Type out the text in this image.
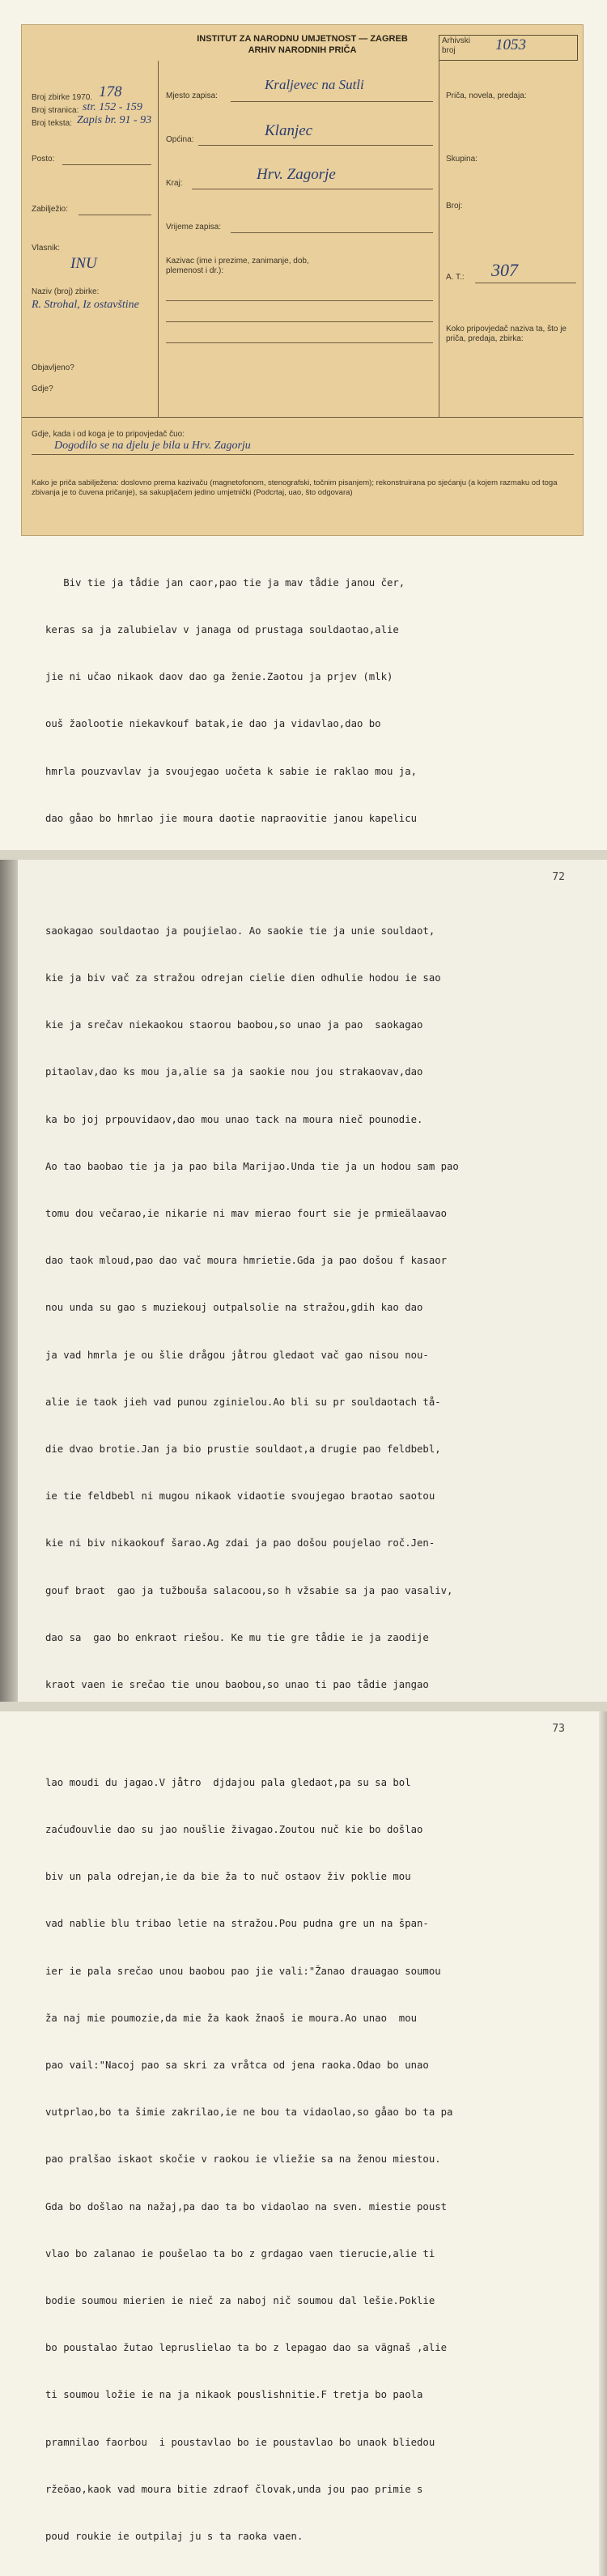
INSTITUT ZA NARODNU UMJETNOST — ZAGREB
ARHIV NARODNIH PRIČA
Arhivski broj	1053
Broj zbirke 1970. 178
Broj stranica: str. 152 - 159
Broj teksta: Zapis br. 91 - 93
Posto:
Zabilježio:
Vlasnik:
INU
Naziv (broj) zbirke:
R. Strohal, Iz ostavštine
Objavljeno?
Gdje?
Mjesto zapisa:
Kraljevec na Sutli
Općina:
Klanjec
Kraj:
Hrv. Zagorje
Vrijeme zapisa:
Kazivac (ime i prezime, zanimanje, dob, plemenost i dr.):
Priča, novela, predaja:
Skupina:
Broj:
A. T.: 307
Koko pripovjedač naziva ta, što je priča, predaja, zbirka:
Gdje, kada i od koga je to pripovjedač čuo:
Dogodilo se na djelu je bila u Hrv. Zagorju
Kako je priča sabilježena: doslovno prema kazivaču (magnetofonom, stenografski, točnim pisanjem); rekonstruirana po sjećanju (a kojem razmaku od toga zbivanja je to čuvena pričanje), sa sakupljačem jedino umjetnički (Podcrtaj, uao, što odgovara)

Biv tie ja tådie jan caor,pao tie ja mav tådie janou čer,

keras sa ja zalubielav v janaga od prustaga souldaotao,alie

jie ni učao nikaok daov dao ga ženie.Zaotou ja prjev (mlk)

ouš žaolootie niekavkouf batak,ie dao ja vidavlao,dao bo

hmrla pouzvavlav ja svoujegao uočeta k sabie ie raklao mou ja,

dao gåao bo hmrlao jie moura daotie napraovitie janou kapelicu

72

saokagao souldaotao ja poujielao. Ao saokie tie ja unie souldaot,

kie ja biv vač za stražou odrejan cielie dien odhulie hodou ie sao

kie ja srečav niekaokou staorou baobou,so unao ja pao  saokagao

pitaolav,dao ks mou ja,alie sa ja saokie nou jou strakaovav,dao

ka bo joj prpouvidaov,dao mou unao tack na moura nieč pounodie.

Ao tao baobao tie ja ja pao bila Marijao.Unda tie ja un hodou sam pao

tomu dou večarao,ie nikarie ni mav mierao fourt sie je prmieälaavao

dao taok mloud,pao dao vač moura hmrietie.Gda ja pao došou f kasaor

nou unda su gao s muziekouj outpalsolie na stražou,gdih kao dao

ja vad hmrla je ou šlie drågou jåtrou gledaot vač gao nisou nou-

alie ie taok jieh vad punou zginielou.Ao bli su pr souldaotach tå-

die dvao brotie.Jan ja bio prustie souldaot,a drugie pao feldbebl,

ie tie feldbebl ni mugou nikaok vidaotie svoujegao braotao saotou

kie ni biv nikaokouf šarao.Ag zdai ja pao došou poujelao roč.Jen-

gouf braot  gao ja tužbouša salacoou,so h vžsabie sa ja pao vasaliv,

dao sa  gao bo enkraot riešou. Ke mu tie gre tådie ie ja zaodije

kraot vaen ie srečao tie unou baobou,so unao ti pao tådie jangao

73

lao moudi du jagao.V jåtro  djdajou pala gledaot,pa su sa bol

zaćuđouvlie dao su jao noušlie živagao.Zoutou nuč kie bo došlao

biv un pala odrejan,ie da bie ža to nuč ostaov živ poklie mou

vad nablie blu tribao letie na stražou.Pou pudna gre un na špan-

ier ie pala srečao unou baobou pao jie vali:"Žanao drauagao soumou

ža naj mie poumozie,da mie ža kaok žnaoš ie moura.Ao unao  mou

pao vail:"Nacoj pao sa skri za vråtca od jena raoka.Odao bo unao

vutprlao,bo ta šimie zakrilao,ie ne bou ta vidaolao,so gåao bo ta pa

pao pralšao iskaot skočie v raokou ie vliežie sa na ženou miestou.

Gda bo došlao na nažaj,pa dao ta bo vidaolao na sven. miestie poust

vlao bo zalanao ie poušelao ta bo z grdagao vaen tierucie,alie ti

bodie soumou mierien ie nieč za naboj nič soumou dal lešie.Poklie

bo poustalao žutao lepruslielao ta bo z lepagao dao sa vägnaš ,alie

ti soumou ložie ie na ja nikaok pouslishnitie.F tretja bo paola

pramnilao faorbou  i poustavlao bo ie poustavlao bo unaok bliedou

ržeöao,kaok vad moura bitie zdraof človak,unda jou pao primie s

poud roukie ie outpilaj ju s ta raoka vaen.
